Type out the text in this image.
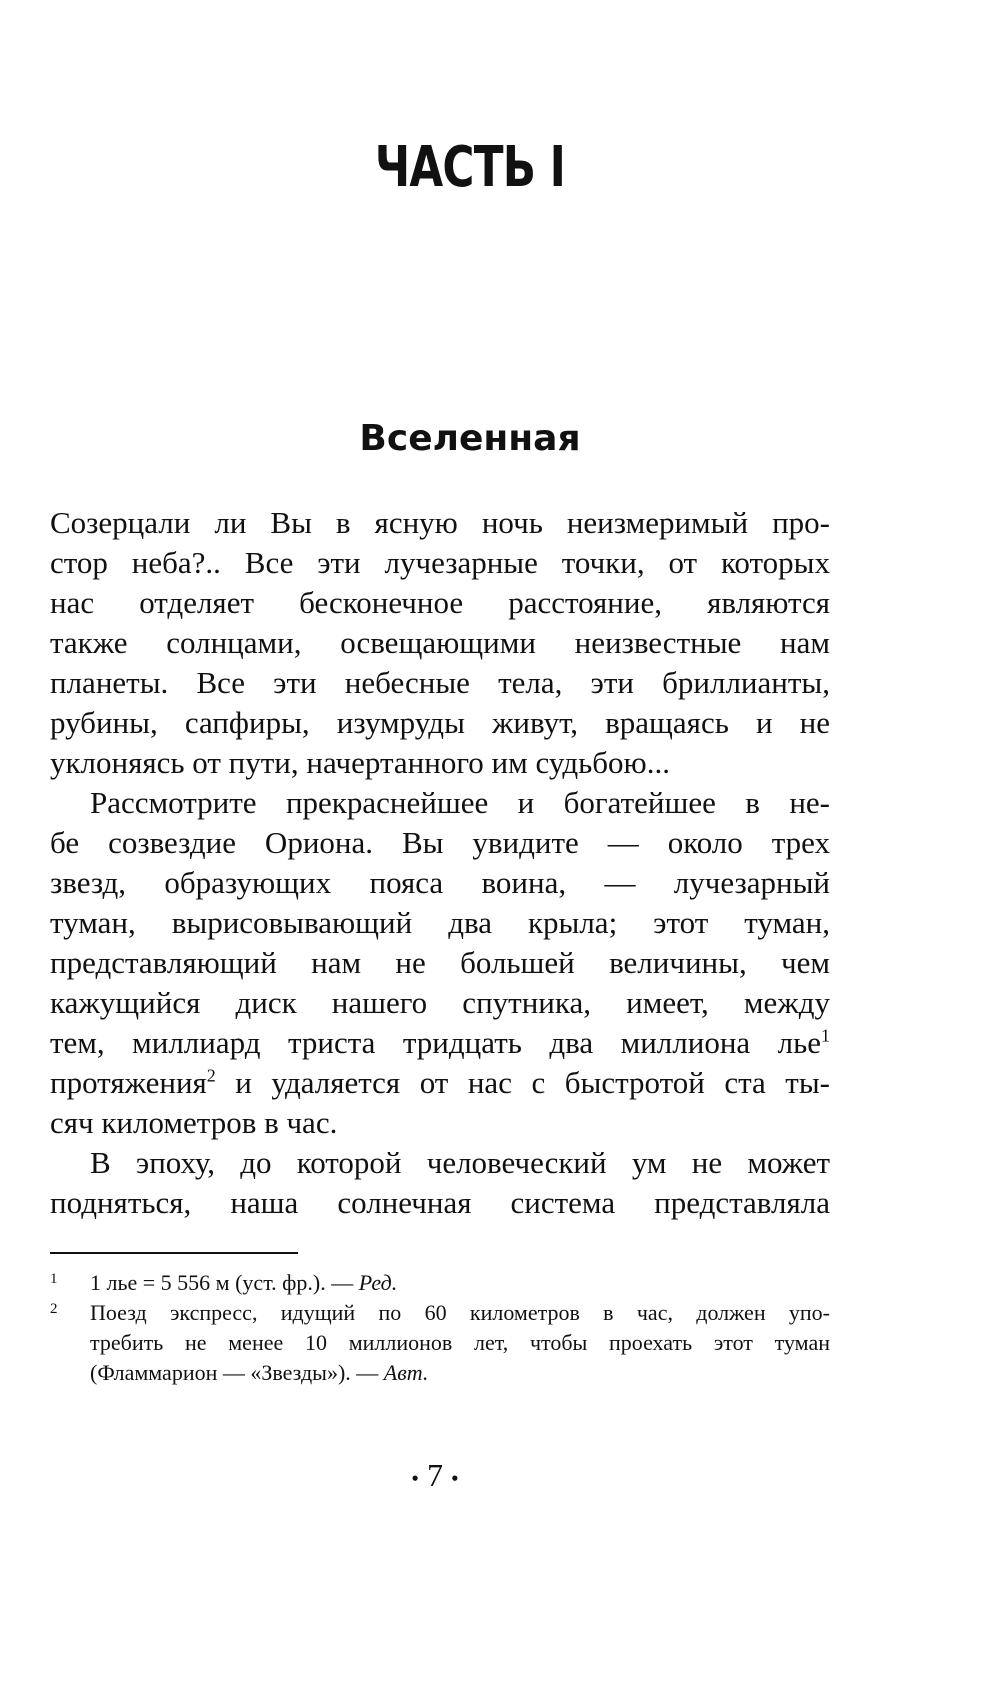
ЧАСТЬ I
Вселенная

Созерцали ли Вы в ясную ночь неизмеримый про-
стор неба?.. Все эти лучезарные точки, от которых
нас отделяет бесконечное расстояние, являются
также солнцами, освещающими неизвестные нам
планеты. Все эти небесные тела, эти бриллианты,
рубины, сапфиры, изумруды живут, вращаясь и не
уклоняясь от пути, начертанного им судьбою...

Рассмотрите прекраснейшее и богатейшее в не-
бе созвездие Ориона. Вы увидите — около трех
звезд, образующих пояса воина, — лучезарный
туман, вырисовывающий два крыла; этот туман,
представляющий нам не большей величины, чем
кажущийся диск нашего спутника, имеет, между
тем, миллиард триста тридцать два миллиона лье$^1$
протяжения$^2$ и удаляется от нас с быстротой ста ты-
сяч километров в час.

В эпоху, до которой человеческий ум не может
подняться, наша солнечная система представляла

1 1 лье = 5 556 м (уст. фр.). — Ред.

2 Поезд экспресс, идущий по 60 километров в час, должен упо-
требить не менее 10 миллионов лет, чтобы проехать этот туман
(Фламмарион — «Звезды»). — Авт.

• 7 •
